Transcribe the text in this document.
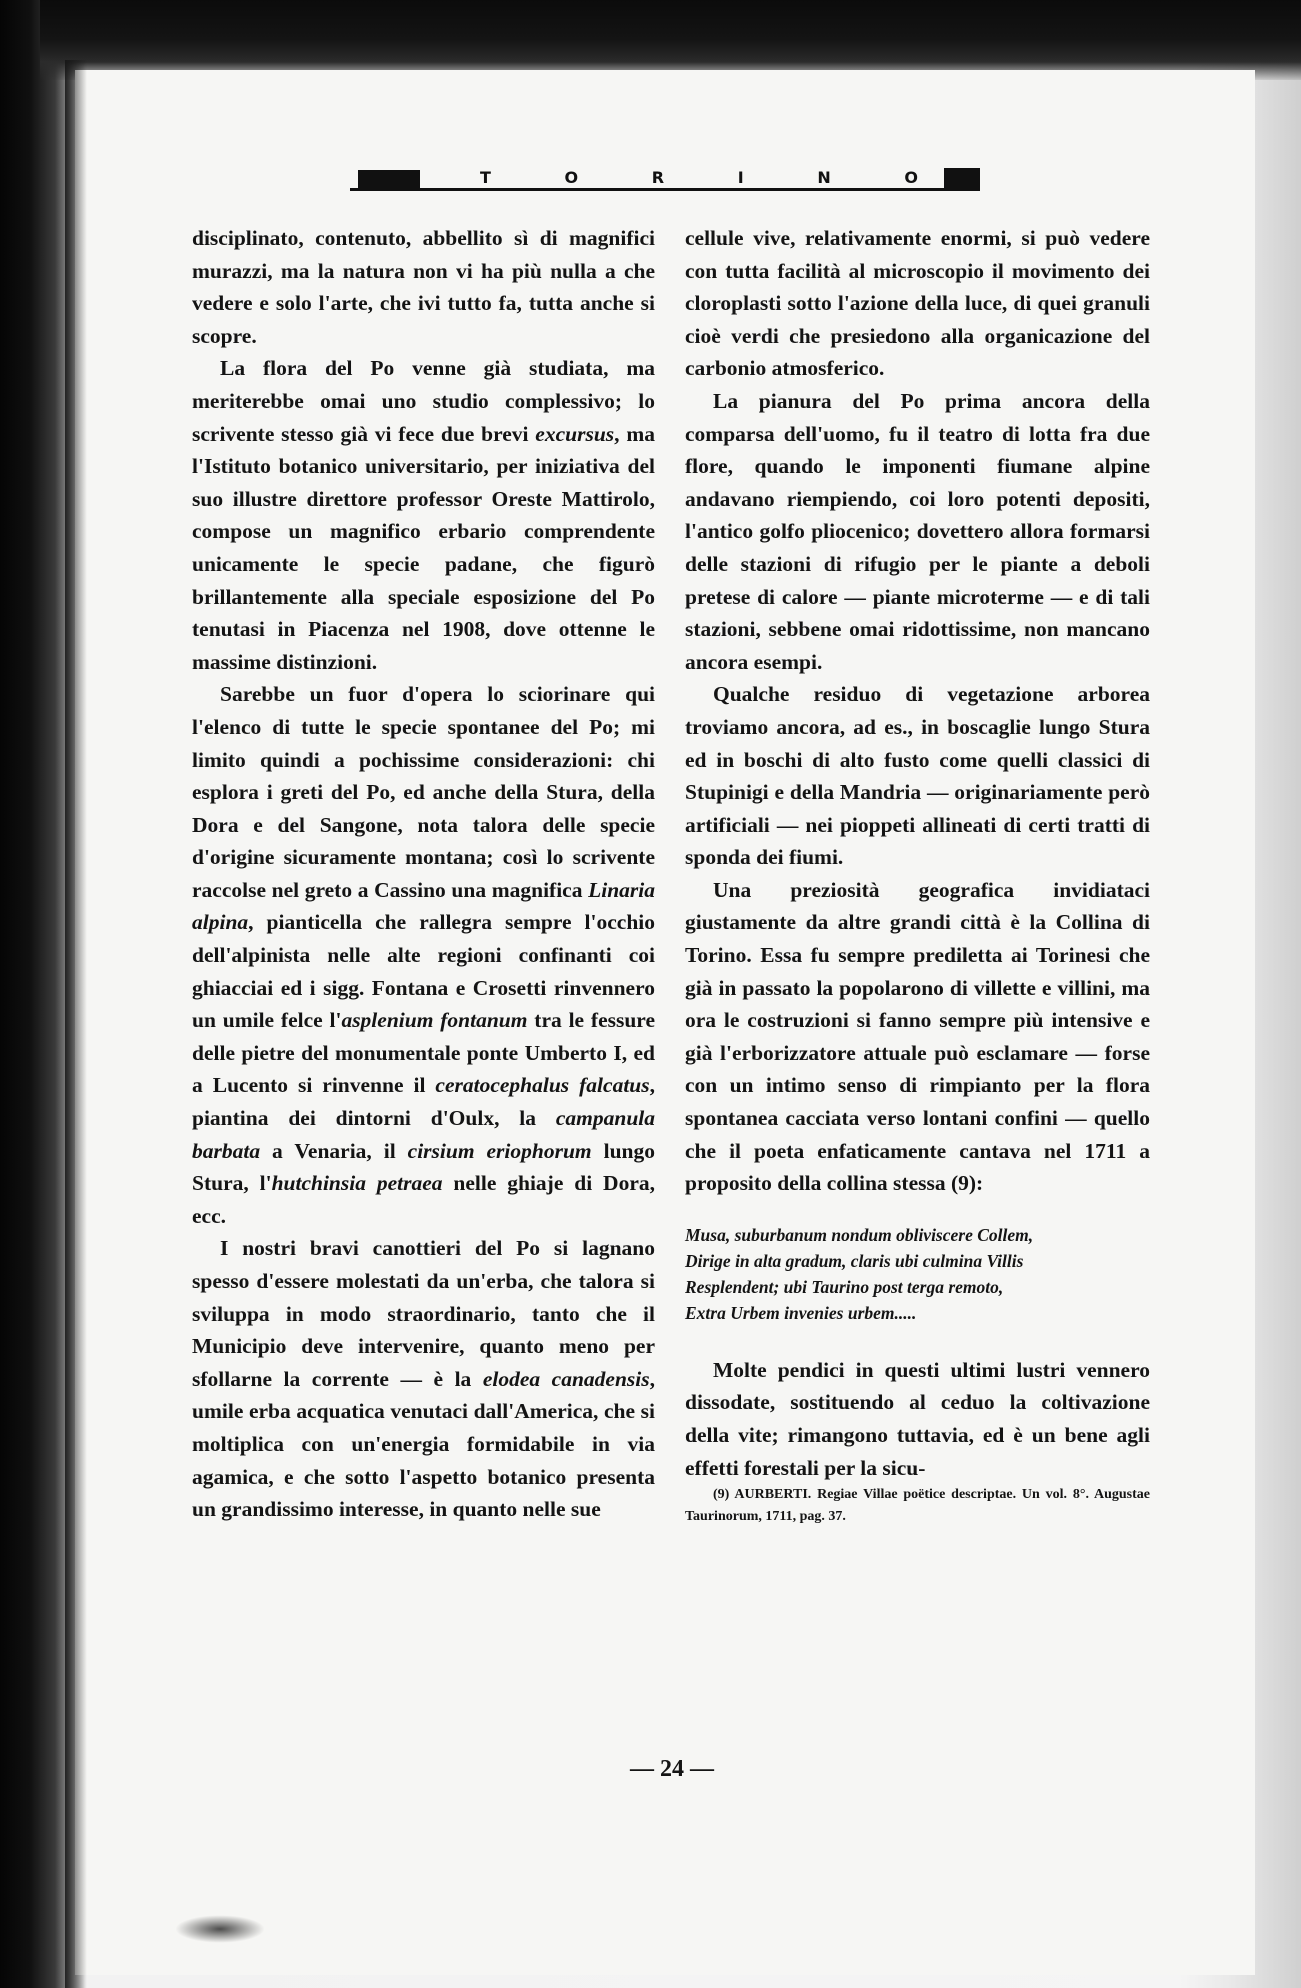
T	O	R	I	N	O

disciplinato, contenuto, abbellito sì di magnifici murazzi, ma la natura non vi ha più nulla a che vedere e solo l'arte, che ivi tutto fa, tutta anche si scopre.

La flora del Po venne già studiata, ma meriterebbe omai uno studio complessivo; lo scrivente stesso già vi fece due brevi excursus, ma l'Istituto botanico universitario, per iniziativa del suo illustre direttore professor Oreste Mattirolo, compose un magnifico erbario comprendente unicamente le specie padane, che figurò brillantemente alla speciale esposizione del Po tenutasi in Piacenza nel 1908, dove ottenne le massime distinzioni.

Sarebbe un fuor d'opera lo sciorinare qui l'elenco di tutte le specie spontanee del Po; mi limito quindi a pochissime considerazioni: chi esplora i greti del Po, ed anche della Stura, della Dora e del Sangone, nota talora delle specie d'origine sicuramente montana; così lo scrivente raccolse nel greto a Cassino una magnifica Linaria alpina, pianticella che rallegra sempre l'occhio dell'alpinista nelle alte regioni confinanti coi ghiacciai ed i sigg. Fontana e Crosetti rinvennero un umile felce l'asplenium fontanum tra le fessure delle pietre del monumentale ponte Umberto I, ed a Lucento si rinvenne il ceratocephalus falcatus, piantina dei dintorni d'Oulx, la campanula barbata a Venaria, il cirsium eriophorum lungo Stura, l'hutchinsia petraea nelle ghiaje di Dora, ecc.

I nostri bravi canottieri del Po si lagnano spesso d'essere molestati da un'erba, che talora si sviluppa in modo straordinario, tanto che il Municipio deve intervenire, quanto meno per sfollarne la corrente — è la elodea canadensis, umile erba acquatica venutaci dall'America, che si moltiplica con un'energia formidabile in via agamica, e che sotto l'aspetto botanico presenta un grandissimo interesse, in quanto nelle sue

cellule vive, relativamente enormi, si può vedere con tutta facilità al microscopio il movimento dei cloroplasti sotto l'azione della luce, di quei granuli cioè verdi che presiedono alla organicazione del carbonio atmosferico.

La pianura del Po prima ancora della comparsa dell'uomo, fu il teatro di lotta fra due flore, quando le imponenti fiumane alpine andavano riempiendo, coi loro potenti depositi, l'antico golfo pliocenico; dovettero allora formarsi delle stazioni di rifugio per le piante a deboli pretese di calore — piante microterme — e di tali stazioni, sebbene omai ridottissime, non mancano ancora esempi.

Qualche residuo di vegetazione arborea troviamo ancora, ad es., in boscaglie lungo Stura ed in boschi di alto fusto come quelli classici di Stupinigi e della Mandria — originariamente però artificiali — nei pioppeti allineati di certi tratti di sponda dei fiumi.

Una preziosità geografica invidiataci giustamente da altre grandi città è la Collina di Torino. Essa fu sempre prediletta ai Torinesi che già in passato la popolarono di villette e villini, ma ora le costruzioni si fanno sempre più intensive e già l'erborizzatore attuale può esclamare — forse con un intimo senso di rimpianto per la flora spontanea cacciata verso lontani confini — quello che il poeta enfaticamente cantava nel 1711 a proposito della collina stessa (9):

Musa, suburbanum nondum obliviscere Collem,
Dirige in alta gradum, claris ubi culmina Villis
Resplendent; ubi Taurino post terga remoto,
Extra Urbem invenies urbem.....

Molte pendici in questi ultimi lustri vennero dissodate, sostituendo al ceduo la coltivazione della vite; rimangono tuttavia, ed è un bene agli effetti forestali per la sicu-

(9) AURBERTI. Regiae Villae poëtice descriptae. Un vol. 8°. Augustae Taurinorum, 1711, pag. 37.

— 24 —
